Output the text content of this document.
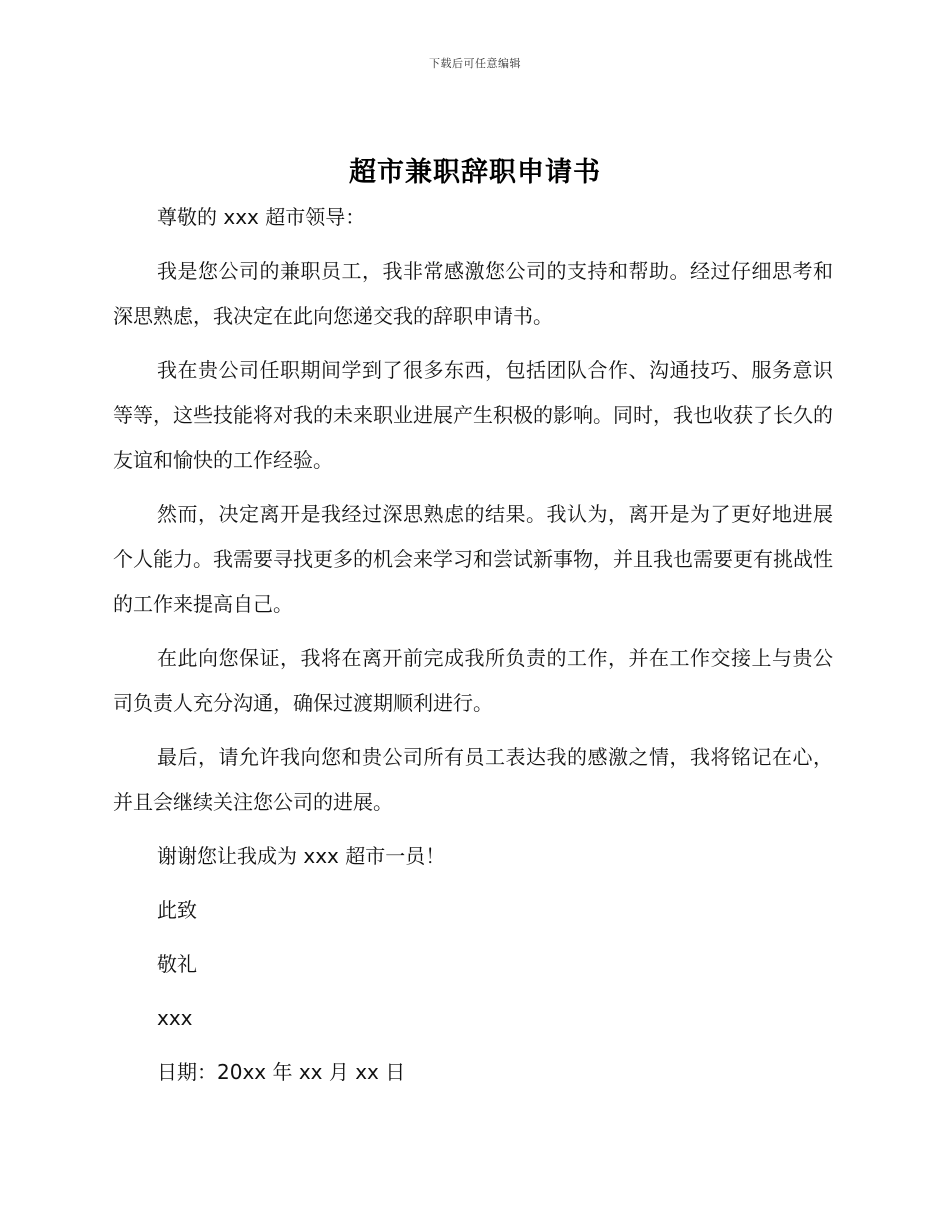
下载后可任意编辑
超市兼职辞职申请书

尊敬的 xxx 超市领导：

我是您公司的兼职员工，我非常感激您公司的支持和帮助。经过仔细思考和深思熟虑，我决定在此向您递交我的辞职申请书。

我在贵公司任职期间学到了很多东西，包括团队合作、沟通技巧、服务意识等等，这些技能将对我的未来职业进展产生积极的影响。同时，我也收获了长久的友谊和愉快的工作经验。

然而，决定离开是我经过深思熟虑的结果。我认为，离开是为了更好地进展个人能力。我需要寻找更多的机会来学习和尝试新事物，并且我也需要更有挑战性的工作来提高自己。

在此向您保证，我将在离开前完成我所负责的工作，并在工作交接上与贵公司负责人充分沟通，确保过渡期顺利进行。

最后，请允许我向您和贵公司所有员工表达我的感激之情，我将铭记在心，并且会继续关注您公司的进展。

谢谢您让我成为 xxx 超市一员！

此致

敬礼

xxx

日期：20xx 年 xx 月 xx 日
